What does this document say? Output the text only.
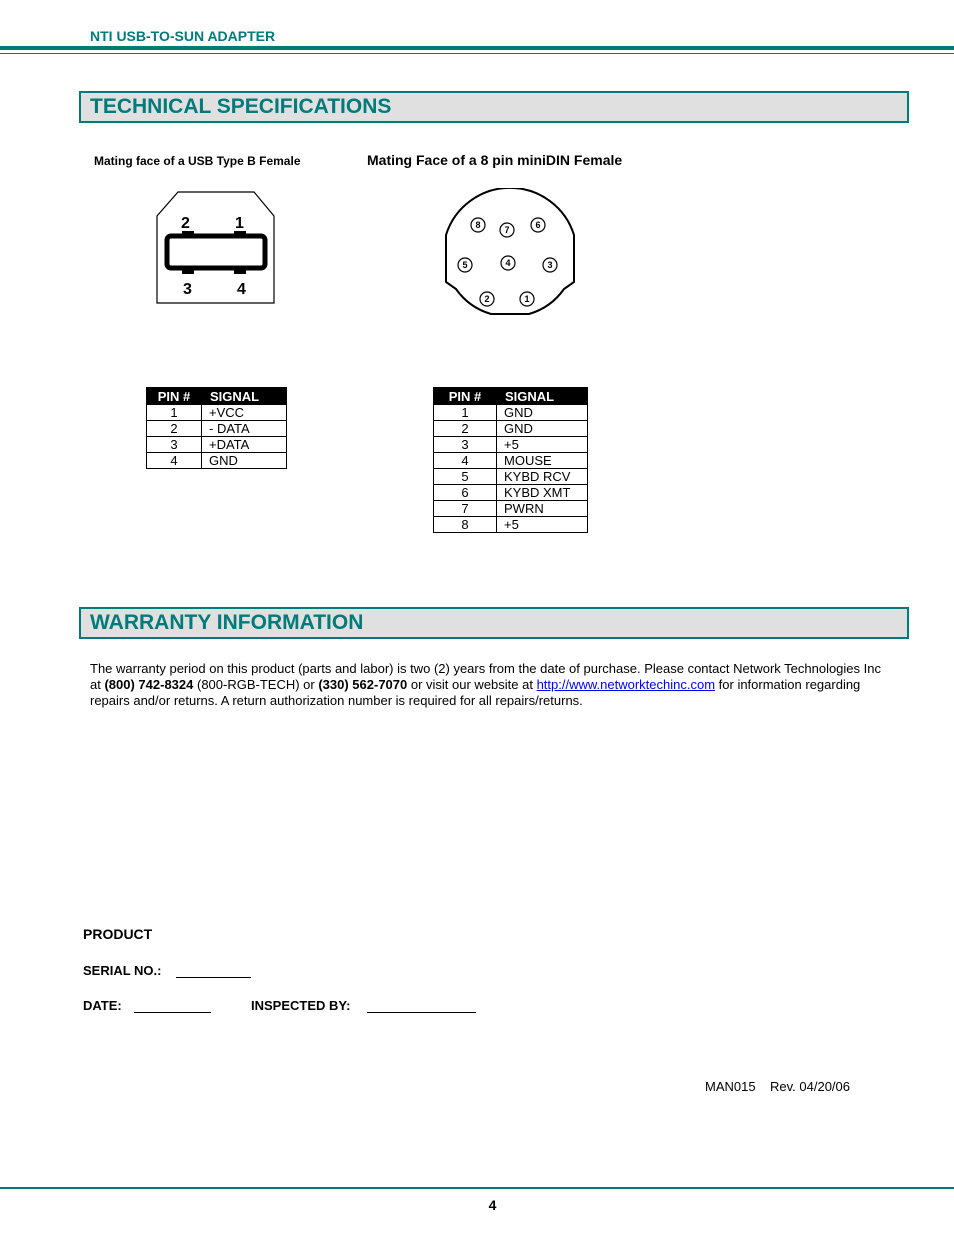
NTI USB-TO-SUN ADAPTER
TECHNICAL SPECIFICATIONS
Mating face of a USB Type B Female	Mating Face of a 8 pin miniDIN Female
2	1
3	4
8	7	6
5	4	3
2	1
PIN #	SIGNAL
1	+VCC
2	- DATA
3	+DATA
4	GND
PIN #	SIGNAL
1	GND
2	GND
3	+5
4	MOUSE
5	KYBD RCV
6	KYBD XMT
7	PWRN
8	+5
WARRANTY INFORMATION
The warranty period on this product (parts and labor) is two (2) years from the date of purchase. Please contact Network Technologies Inc at (800) 742-8324 (800-RGB-TECH) or (330) 562-7070 or visit our website at http://www.networktechinc.com for information regarding repairs and/or returns. A return authorization number is required for all repairs/returns.
PRODUCT
SERIAL NO.:
DATE:	INSPECTED BY:
MAN015    Rev. 04/20/06
4
